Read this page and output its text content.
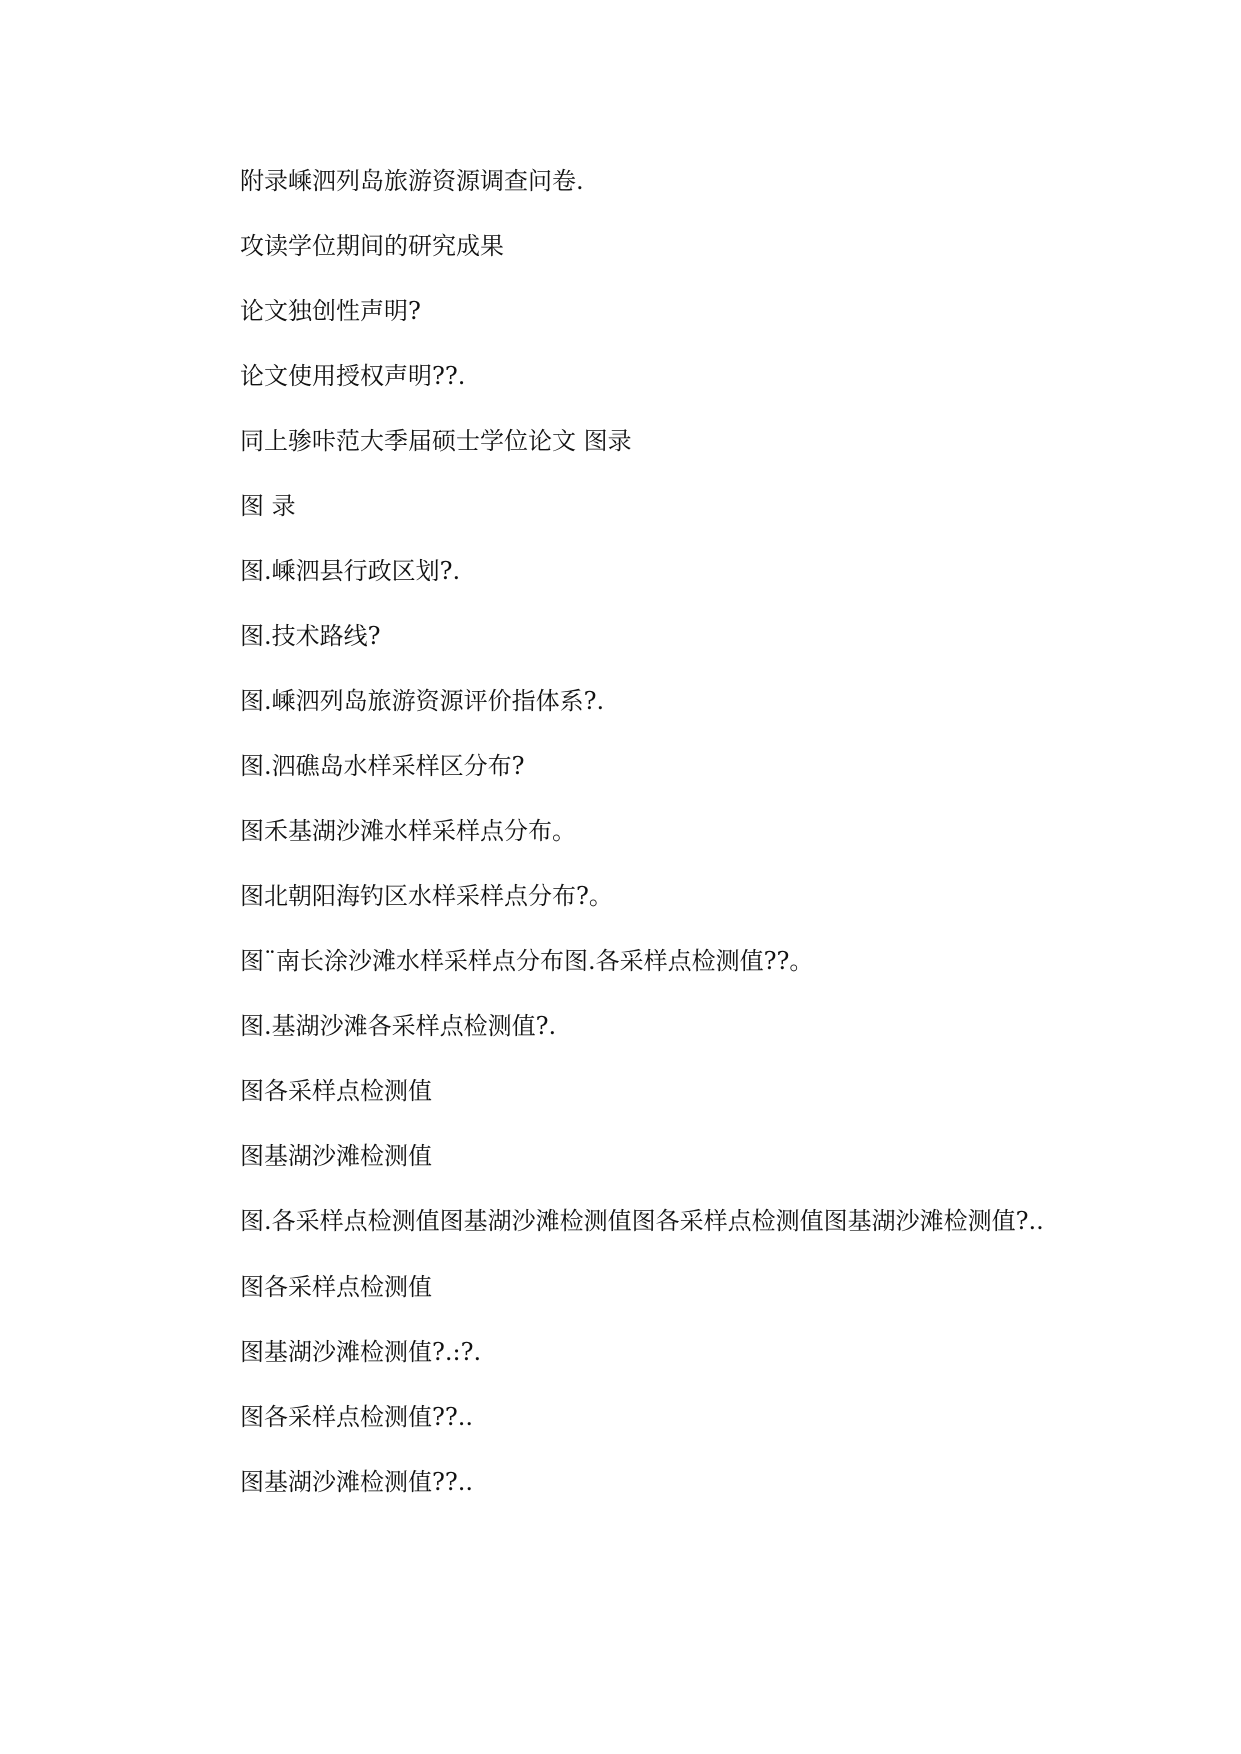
附录嵊泗列岛旅游资源调查问卷.

攻读学位期间的研究成果

论文独创性声明?

论文使用授权声明??.

同上骖咔范大季届硕士学位论文 图录

图 录

图.嵊泗县行政区划?.

图.技术路线?

图.嵊泗列岛旅游资源评价指体系?.

图.泗礁岛水样采样区分布?

图禾基湖沙滩水样采样点分布。

图北朝阳海钓区水样采样点分布?。

图¨南长涂沙滩水样采样点分布图.各采样点检测值??。

图.基湖沙滩各采样点检测值?.

图各采样点检测值

图基湖沙滩检测值

图.各采样点检测值图基湖沙滩检测值图各采样点检测值图基湖沙滩检测值?..

图各采样点检测值

图基湖沙滩检测值?.:?.

图各采样点检测值??..

图基湖沙滩检测值??..
